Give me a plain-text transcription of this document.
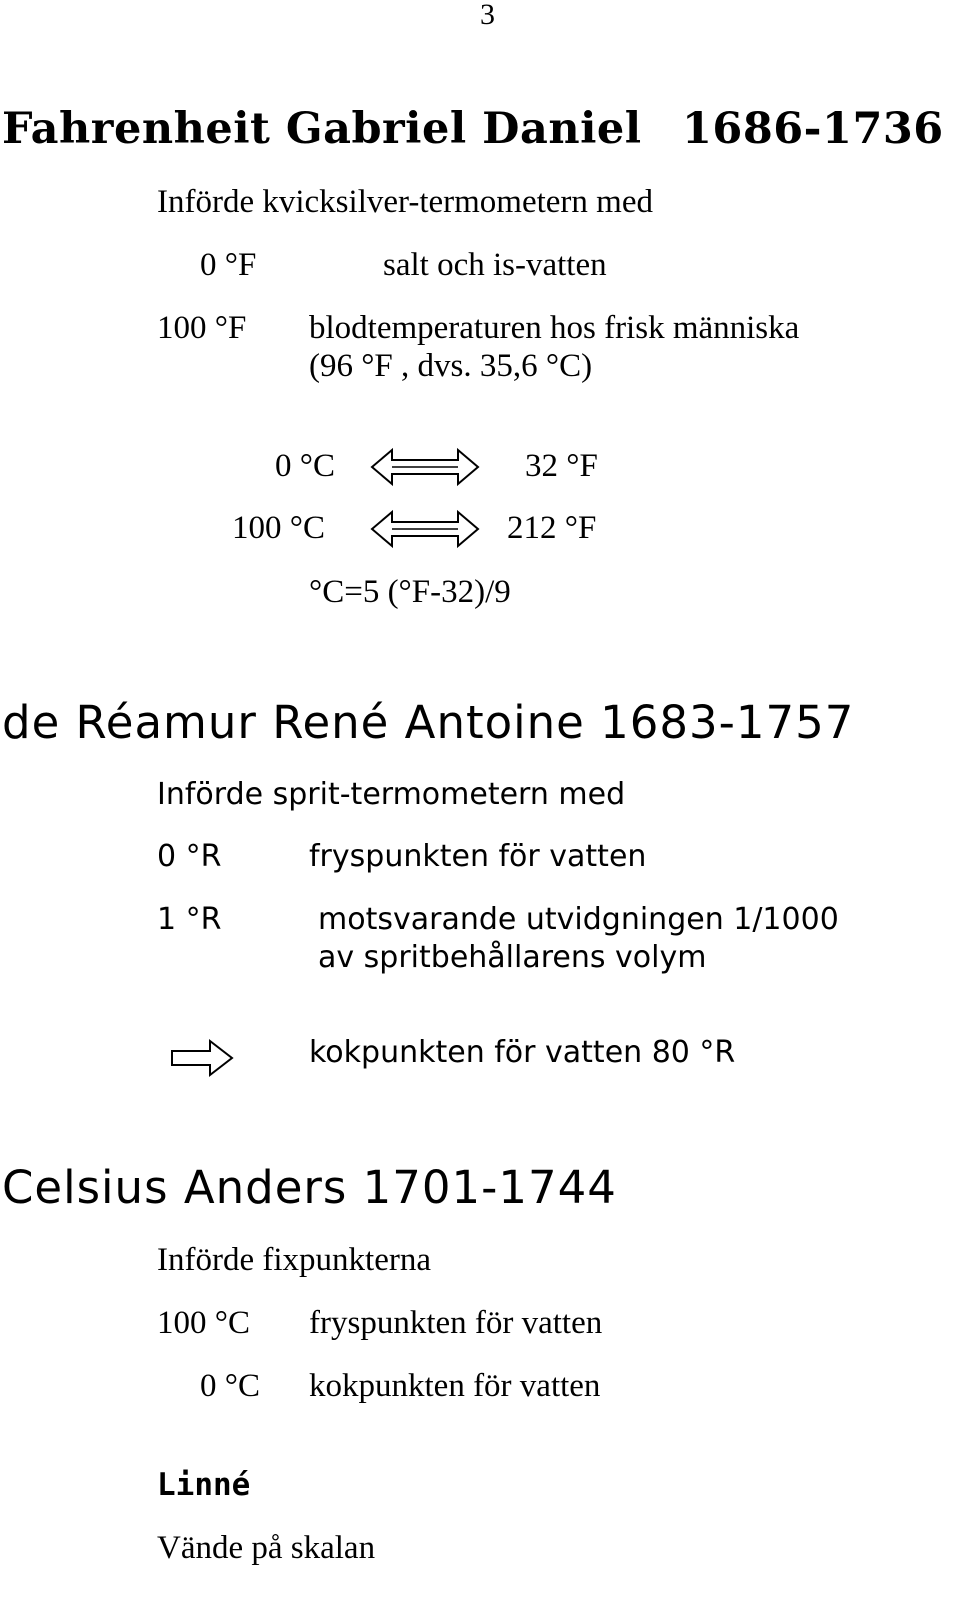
3
Fahrenheit Gabriel Daniel 1686-1736
Införde kvicksilver-termometern med
0 °F	salt och is-vatten
100 °F blodtemperaturen hos frisk människa
(96 °F , dvs. 35,6 °C)
0 °C	32 °F
100 °C	212 °F
°C=5 (°F-32)/9
de Réamur René Antoine 1683-1757
Införde sprit-termometern med
0 °R	fryspunkten för vatten
1 °R	motsvarande utvidgningen 1/1000
av spritbehållarens volym
kokpunkten för vatten 80 °R
Celsius Anders 1701-1744
Införde fixpunkterna
100 °C fryspunkten för vatten
0 °C kokpunkten för vatten
Linné
Vände på skalan
